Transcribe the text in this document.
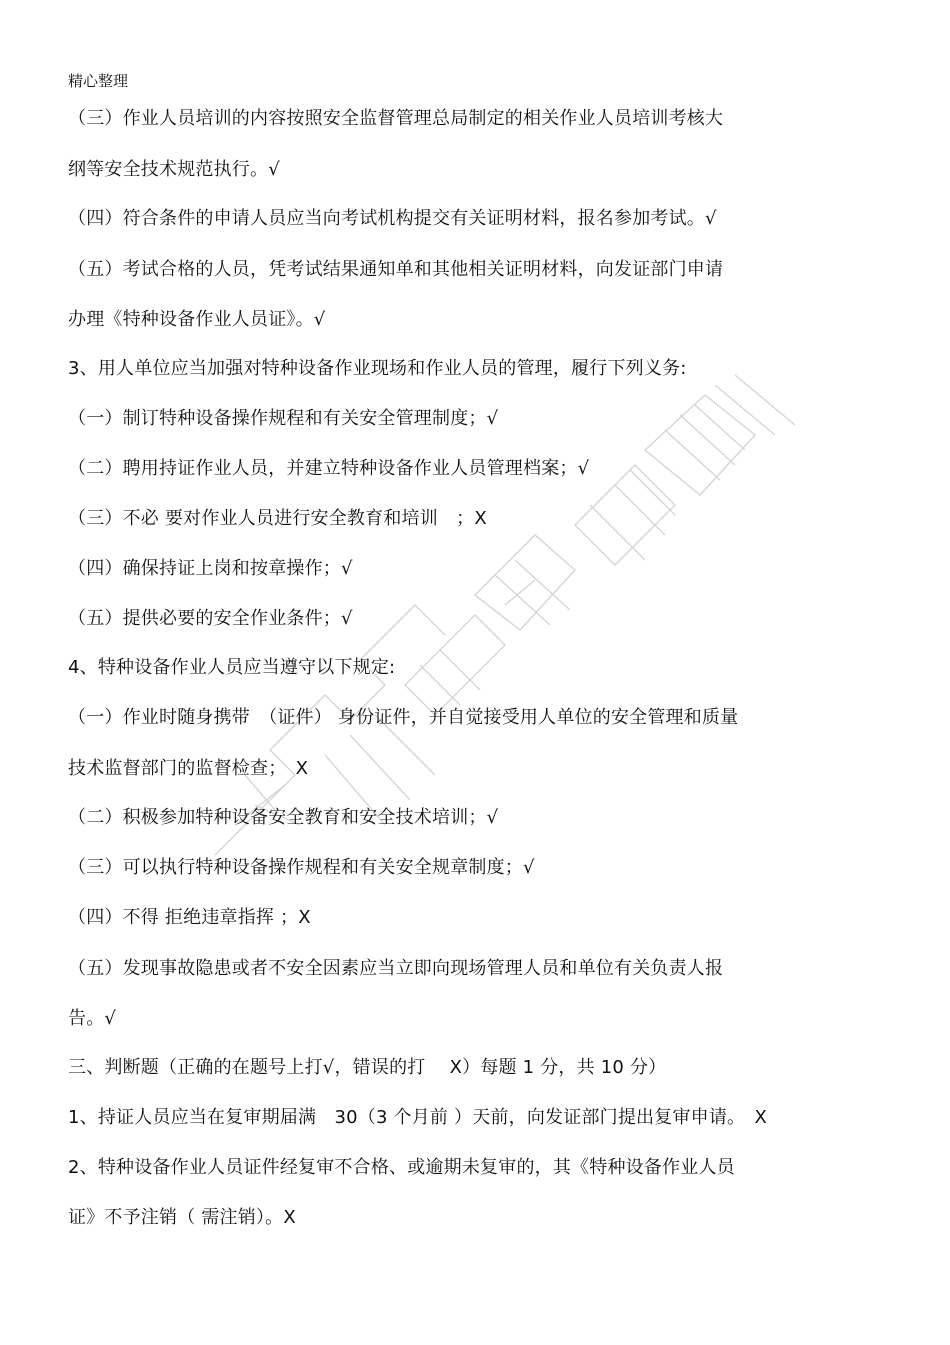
精心整理
（三）作业人员培训的内容按照安全监督管理总局制定的相关作业人员培训考核大
纲等安全技术规范执行。√
（四）符合条件的申请人员应当向考试机构提交有关证明材料，报名参加考试。√
（五）考试合格的人员，凭考试结果通知单和其他相关证明材料，向发证部门申请
办理《特种设备作业人员证》。√
3、用人单位应当加强对特种设备作业现场和作业人员的管理，履行下列义务:
（一）制订特种设备操作规程和有关安全管理制度；√
（二）聘用持证作业人员，并建立特种设备作业人员管理档案；√
（三）不必 要对作业人员进行安全教育和培训　；X
（四）确保持证上岗和按章操作；√
（五）提供必要的安全作业条件；√
4、特种设备作业人员应当遵守以下规定:
（一）作业时随身携带　（证件） 身份证件，并自觉接受用人单位的安全管理和质量
技术监督部门的监督检查；　X
（二）积极参加特种设备安全教育和安全技术培训；√
（三）可以执行特种设备操作规程和有关安全规章制度；√
（四）不得 拒绝违章指挥 ；X
（五）发现事故隐患或者不安全因素应当立即向现场管理人员和单位有关负责人报
告。√
三、判断题（正确的在题号上打√，错误的打　 X）每题 1 分，共 10 分）
1、持证人员应当在复审期届满　30（3 个月前 ）天前，向发证部门提出复审申请。　X
2、特种设备作业人员证件经复审不合格、或逾期未复审的，其《特种设备作业人员
证》不予注销（ 需注销）。X
